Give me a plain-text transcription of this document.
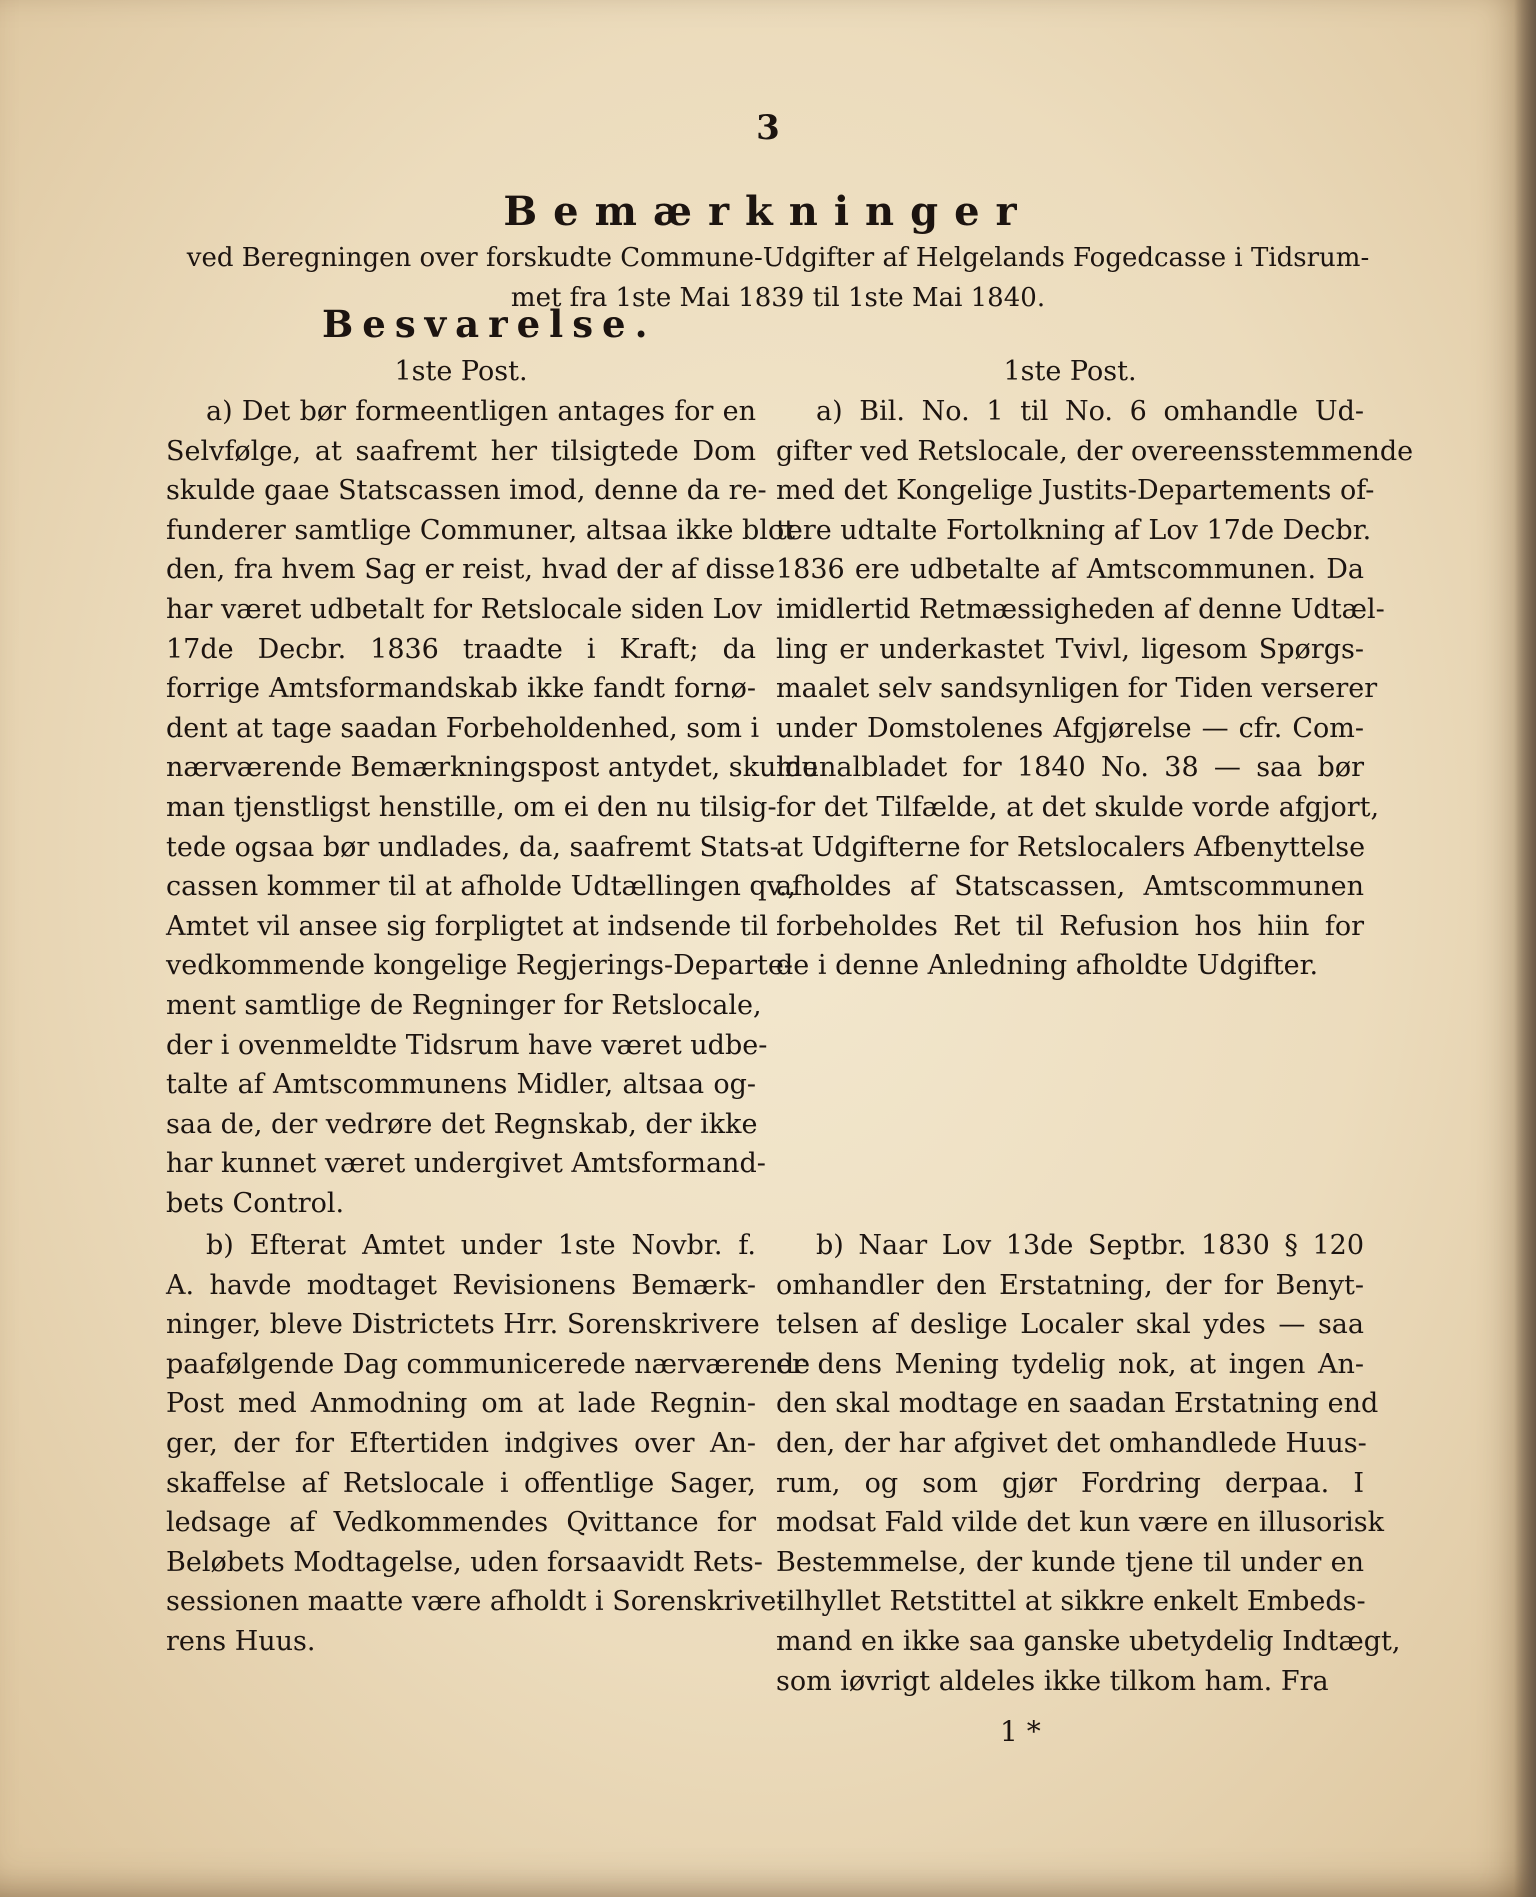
3
Bemærkninger
ved Beregningen over forskudte Commune-Udgifter af Helgelands Fogedcasse i Tidsrum-
met fra 1ste Mai 1839 til 1ste Mai 1840.
Besvarelse.
1ste Post.
a) Det bør formeentligen antages for en
Selvfølge, at saafremt her tilsigtede Dom
skulde gaae Statscassen imod, denne da re-
funderer samtlige Communer, altsaa ikke blot
den, fra hvem Sag er reist, hvad der af disse
har været udbetalt for Retslocale siden Lov
17de Decbr. 1836 traadte i Kraft; da
forrige Amtsformandskab ikke fandt fornø-
dent at tage saadan Forbeholdenhed, som i
nærværende Bemærkningspost antydet, skulde
man tjenstligst henstille, om ei den nu tilsig-
tede ogsaa bør undlades, da, saafremt Stats-
cassen kommer til at afholde Udtællingen qv.,
Amtet vil ansee sig forpligtet at indsende til
vedkommende kongelige Regjerings-Departe-
ment samtlige de Regninger for Retslocale,
der i ovenmeldte Tidsrum have været udbe-
talte af Amtscommunens Midler, altsaa og-
saa de, der vedrøre det Regnskab, der ikke
har kunnet været undergivet Amtsformand-
bets Control.
b) Efterat Amtet under 1ste Novbr. f.
A. havde modtaget Revisionens Bemærk-
ninger, bleve Districtets Hrr. Sorenskrivere
paafølgende Dag communicerede nærværende
Post med Anmodning om at lade Regnin-
ger, der for Eftertiden indgives over An-
skaffelse af Retslocale i offentlige Sager,
ledsage af Vedkommendes Qvittance for
Beløbets Modtagelse, uden forsaavidt Rets-
sessionen maatte være afholdt i Sorenskrive-
rens Huus.
1ste Post.
a) Bil. No. 1 til No. 6 omhandle Ud-
gifter ved Retslocale, der overeensstemmende
med det Kongelige Justits-Departements of-
tere udtalte Fortolkning af Lov 17de Decbr.
1836 ere udbetalte af Amtscommunen. Da
imidlertid Retmæssigheden af denne Udtæl-
ling er underkastet Tvivl, ligesom Spørgs-
maalet selv sandsynligen for Tiden verserer
under Domstolenes Afgjørelse — cfr. Com-
munalbladet for 1840 No. 38 — saa bør
for det Tilfælde, at det skulde vorde afgjort,
at Udgifterne for Retslocalers Afbenyttelse
afholdes af Statscassen, Amtscommunen
forbeholdes Ret til Refusion hos hiin for
de i denne Anledning afholdte Udgifter.
b) Naar Lov 13de Septbr. 1830 § 120
omhandler den Erstatning, der for Benyt-
telsen af deslige Localer skal ydes — saa
er dens Mening tydelig nok, at ingen An-
den skal modtage en saadan Erstatning end
den, der har afgivet det omhandlede Huus-
rum, og som gjør Fordring derpaa. I
modsat Fald vilde det kun være en illusorisk
Bestemmelse, der kunde tjene til under en
tilhyllet Retstittel at sikkre enkelt Embeds-
mand en ikke saa ganske ubetydelig Indtægt,
som iøvrigt aldeles ikke tilkom ham. Fra
1 *
